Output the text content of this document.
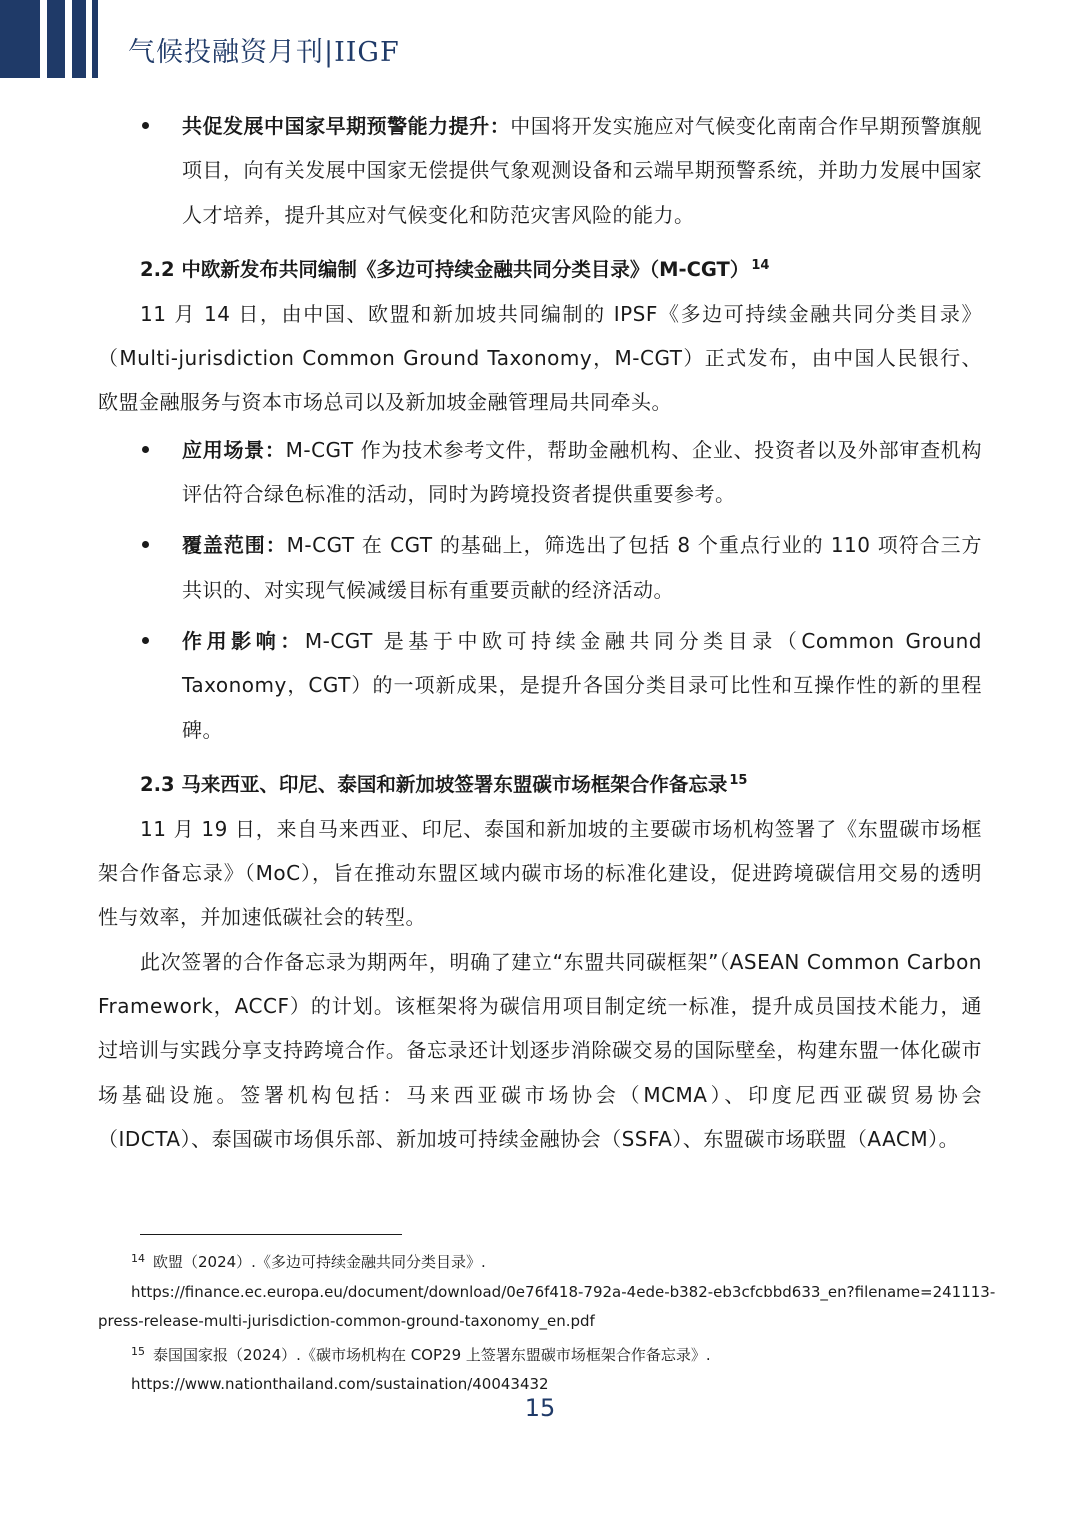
气候投融资月刊|IIGF
共促发展中国家早期预警能力提升：中国将开发实施应对气候变化南南合作早期预警旗舰项目，向有关发展中国家无偿提供气象观测设备和云端早期预警系统，并助力发展中国家人才培养，提升其应对气候变化和防范灾害风险的能力。
2.2 中欧新发布共同编制《多边可持续金融共同分类目录》（M-CGT） $^{14}$

11 月 14 日，由中国、欧盟和新加坡共同编制的 IPSF《多边可持续金融共同分类目录》（Multi-jurisdiction Common Ground Taxonomy，M-CGT）正式发布，由中国人民银行、欧盟金融服务与资本市场总司以及新加坡金融管理局共同牵头。

应用场景：M-CGT 作为技术参考文件，帮助金融机构、企业、投资者以及外部审查机构评估符合绿色标准的活动，同时为跨境投资者提供重要参考。
覆盖范围：M-CGT 在 CGT 的基础上，筛选出了包括 8 个重点行业的 110 项符合三方共识的、对实现气候减缓目标有重要贡献的经济活动。
作用影响：M-CGT 是基于中欧可持续金融共同分类目录（Common Ground Taxonomy，CGT）的一项新成果，是提升各国分类目录可比性和互操作性的新的里程碑。
2.3 马来西亚、印尼、泰国和新加坡签署东盟碳市场框架合作备忘录 $^{15}$

11 月 19 日，来自马来西亚、印尼、泰国和新加坡的主要碳市场机构签署了《东盟碳市场框架合作备忘录》（MoC），旨在推动东盟区域内碳市场的标准化建设，促进跨境碳信用交易的透明性与效率，并加速低碳社会的转型。

此次签署的合作备忘录为期两年，明确了建立“东盟共同碳框架”（ASEAN Common Carbon Framework，ACCF）的计划。该框架将为碳信用项目制定统一标准，提升成员国技术能力，通过培训与实践分享支持跨境合作。备忘录还计划逐步消除碳交易的国际壁垒，构建东盟一体化碳市场基础设施。签署机构包括：马来西亚碳市场协会（MCMA）、印度尼西亚碳贸易协会（IDCTA）、泰国碳市场俱乐部、新加坡可持续金融协会（SSFA）、东盟碳市场联盟（AACM）。

$^{14}$ 欧盟（2024）.《多边可持续金融共同分类目录》.
https://finance.ec.europa.eu/document/download/0e76f418-792a-4ede-b382-eb3cfcbbd633_en?filename=241113-
press-release-multi-jurisdiction-common-ground-taxonomy_en.pdf
$^{15}$ 泰国国家报（2024）.《碳市场机构在 COP29 上签署东盟碳市场框架合作备忘录》.
https://www.nationthailand.com/sustaination/40043432
15
